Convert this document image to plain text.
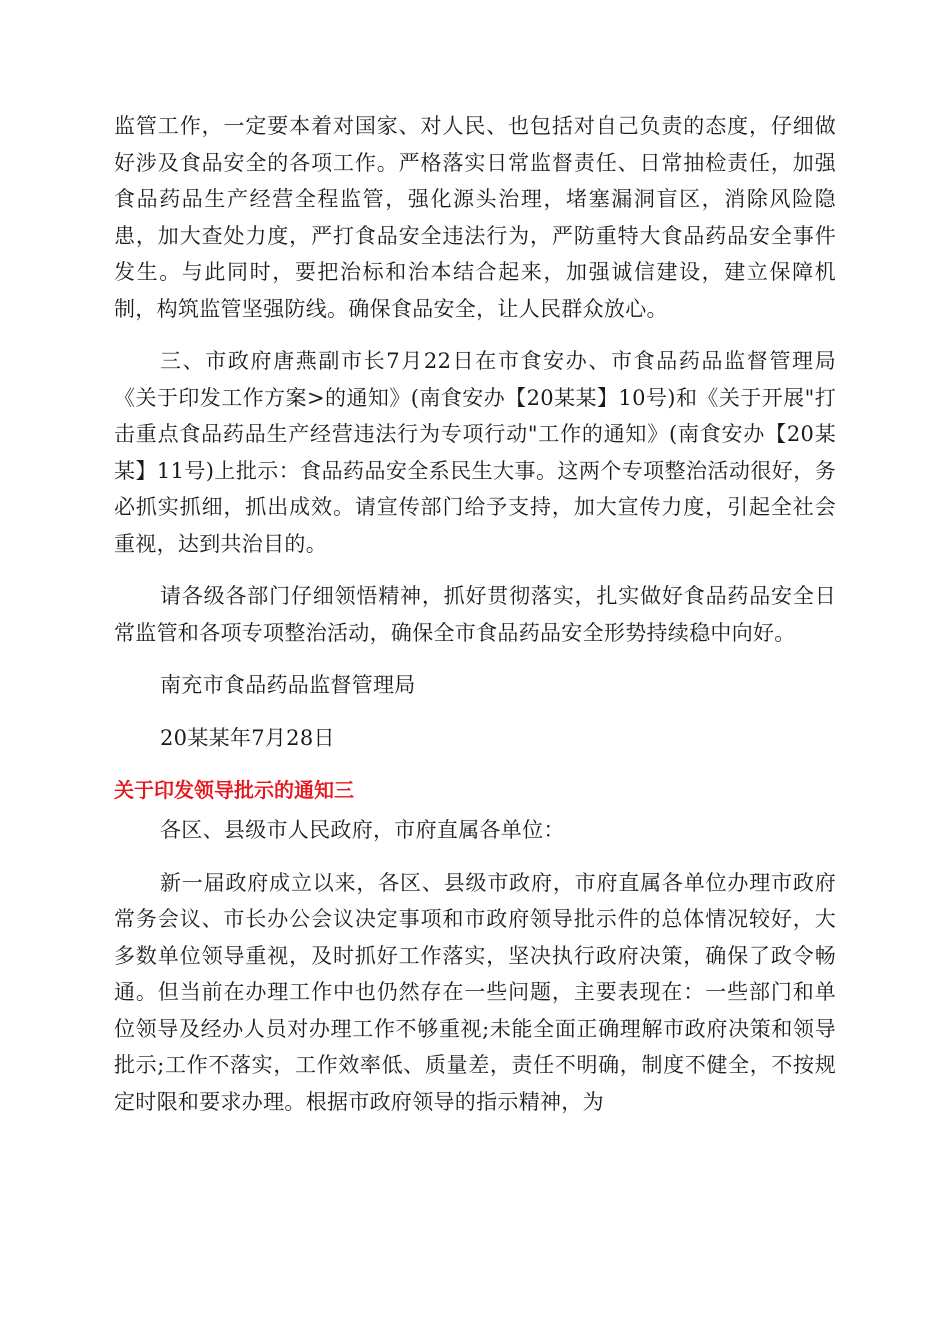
监管工作，一定要本着对国家、对人民、也包括对自己负责的态度，仔细做好涉及食品安全的各项工作。严格落实日常监督责任、日常抽检责任，加强食品药品生产经营全程监管，强化源头治理，堵塞漏洞盲区，消除风险隐患，加大查处力度，严打食品安全违法行为，严防重特大食品药品安全事件发生。与此同时，要把治标和治本结合起来，加强诚信建设，建立保障机制，构筑监管坚强防线。确保食品安全，让人民群众放心。

三、市政府唐燕副市长7月22日在市食安办、市食品药品监督管理局《关于印发工作方案>的通知》(南食安办【20某某】10号)和《关于开展"打击重点食品药品生产经营违法行为专项行动"工作的通知》(南食安办【20某某】11号)上批示：食品药品安全系民生大事。这两个专项整治活动很好，务必抓实抓细，抓出成效。请宣传部门给予支持，加大宣传力度，引起全社会重视，达到共治目的。

请各级各部门仔细领悟精神，抓好贯彻落实，扎实做好食品药品安全日常监管和各项专项整治活动，确保全市食品药品安全形势持续稳中向好。

南充市食品药品监督管理局

20某某年7月28日

关于印发领导批示的通知三

各区、县级市人民政府，市府直属各单位：

新一届政府成立以来，各区、县级市政府，市府直属各单位办理市政府常务会议、市长办公会议决定事项和市政府领导批示件的总体情况较好，大多数单位领导重视，及时抓好工作落实，坚决执行政府决策，确保了政令畅通。但当前在办理工作中也仍然存在一些问题，主要表现在：一些部门和单位领导及经办人员对办理工作不够重视;未能全面正确理解市政府决策和领导批示;工作不落实，工作效率低、质量差，责任不明确，制度不健全，不按规定时限和要求办理。根据市政府领导的指示精神，为
